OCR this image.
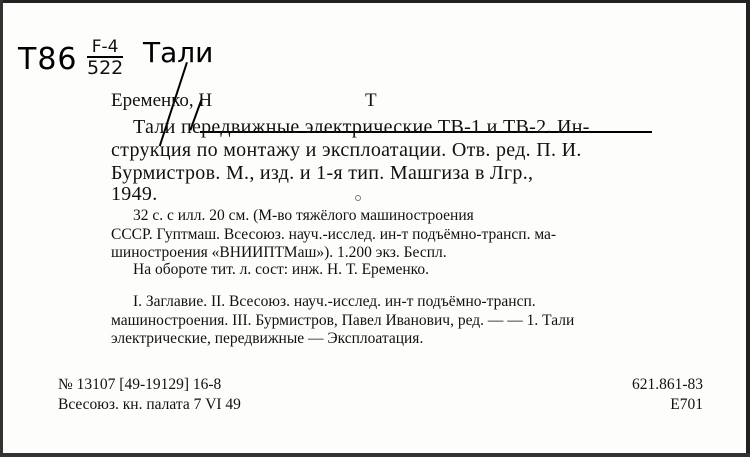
$T86 \frac{F-4}{522}$ Тали
Еременко, Н	Т
Тали передвижные электрические ТВ-1 и ТВ-2. Ин-
струкция по монтажу и эксплоатации. Отв. ред. П. И.
Бурмистров. М., изд. и 1-я тип. Машгиза в Лгр.,
1949.
32 с. с илл. 20 см. (М-во тяжёлого машиностроения
СССР. Гуптмаш. Всесоюз. науч.-исслед. ин-т подъёмно-трансп. ма-
шиностроения «ВНИИПТМаш»). 1.200 экз. Беспл.
На обороте тит. л. сост: инж. Н. Т. Еременко.
I. Заглавие. II. Всесоюз. науч.-исслед. ин-т подъёмно-трансп.
машиностроения. III. Бурмистров, Павел Иванович, ред. — — 1. Тали
электрические, передвижные — Эксплоатация.
№ 13107 [49-19129] 16-8
Всесоюз. кн. палата 7 VI 49
621.861-83
E701
